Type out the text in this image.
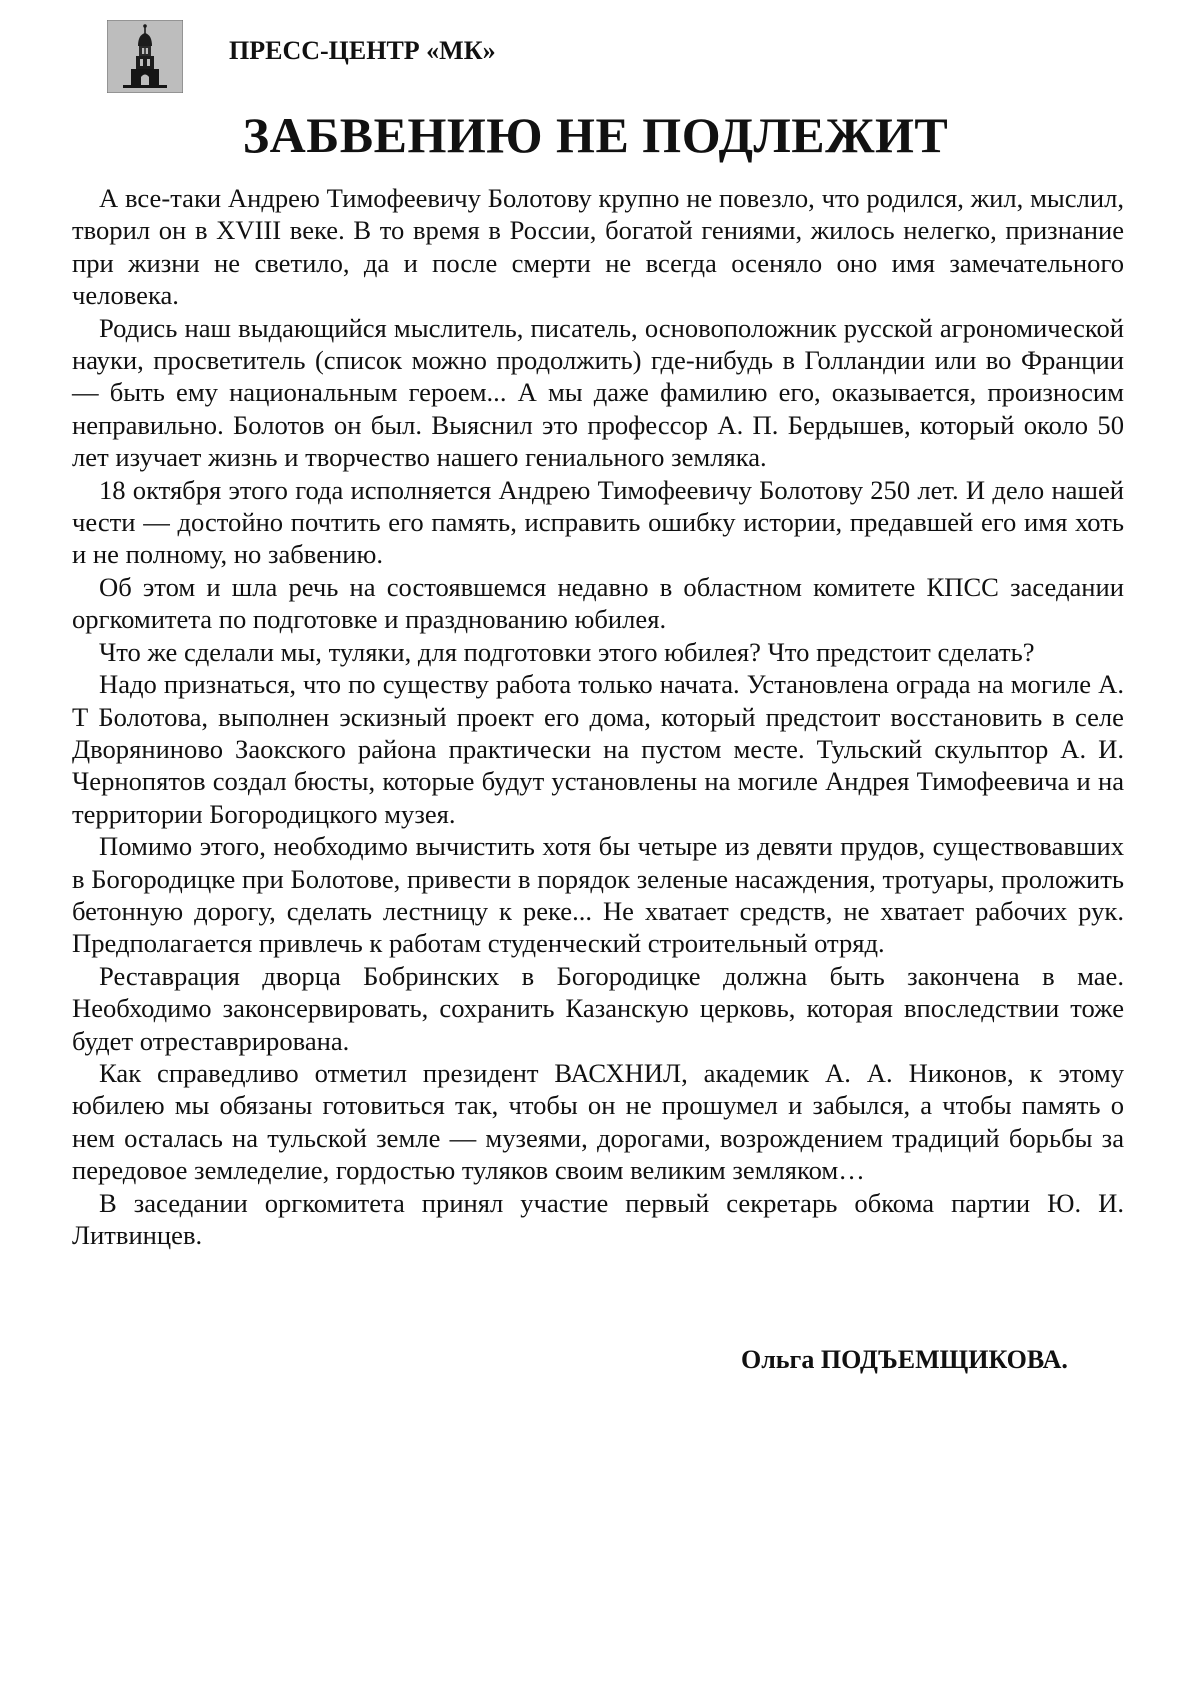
ПРЕСС-ЦЕНТР «МК»
ЗАБВЕНИЮ НЕ ПОДЛЕЖИТ

А все-таки Андрею Тимофеевичу Болотову крупно не повезло, что родился, жил, мыслил, творил он в XVIII веке. В то время в России, богатой гениями, жилось нелегко, признание при жизни не светило, да и после смерти не всегда осеняло оно имя замечательного человека.

Родись наш выдающийся мыслитель, писатель, основоположник русской агрономической науки, просветитель (список можно продолжить) где-нибудь в Голландии или во Франции — быть ему национальным героем... А мы даже фамилию его, оказывается, произносим неправильно. Болотов он был. Выяснил это профессор А. П. Бердышев, который около 50 лет изучает жизнь и творчество нашего гениального земляка.

18 октября этого года исполняется Андрею Тимофеевичу Болотову 250 лет. И дело нашей чести — достойно почтить его память, исправить ошибку истории, предавшей его имя хоть и не полному, но забвению.

Об этом и шла речь на состоявшемся недавно в областном комитете КПСС заседании оргкомитета по подготовке и празднованию юбилея.

Что же сделали мы, туляки, для подготовки этого юбилея? Что предстоит сделать?

Надо признаться, что по существу работа только начата. Установлена ограда на могиле А. Т Болотова, выполнен эскизный проект его дома, который предстоит восстановить в селе Дворяниново Заокского района практически на пустом месте. Тульский скульптор А. И. Чернопятов создал бюсты, которые будут установлены на могиле Андрея Тимофеевича и на территории Богородицкого музея.

Помимо этого, необходимо вычистить хотя бы четыре из девяти прудов, существовавших в Богородицке при Болотове, привести в порядок зеленые насаждения, тротуары, проложить бетонную дорогу, сделать лестницу к реке... Не хватает средств, не хватает рабочих рук. Предполагается привлечь к работам студенческий строительный отряд.

Реставрация дворца Бобринских в Богородицке должна быть закончена в мае. Необходимо законсервировать, сохранить Казанскую церковь, которая впоследствии тоже будет отреставрирована.

Как справедливо отметил президент ВАСХНИЛ, академик А. А. Никонов, к этому юбилею мы обязаны готовиться так, чтобы он не прошумел и забылся, а чтобы память о нем осталась на тульской земле — музеями, дорогами, возрождением традиций борьбы за передовое земледелие, гордостью туляков своим великим земляком…

В заседании оргкомитета принял участие первый секретарь обкома партии Ю. И. Литвинцев.

Ольга ПОДЪЕМЩИКОВА.
